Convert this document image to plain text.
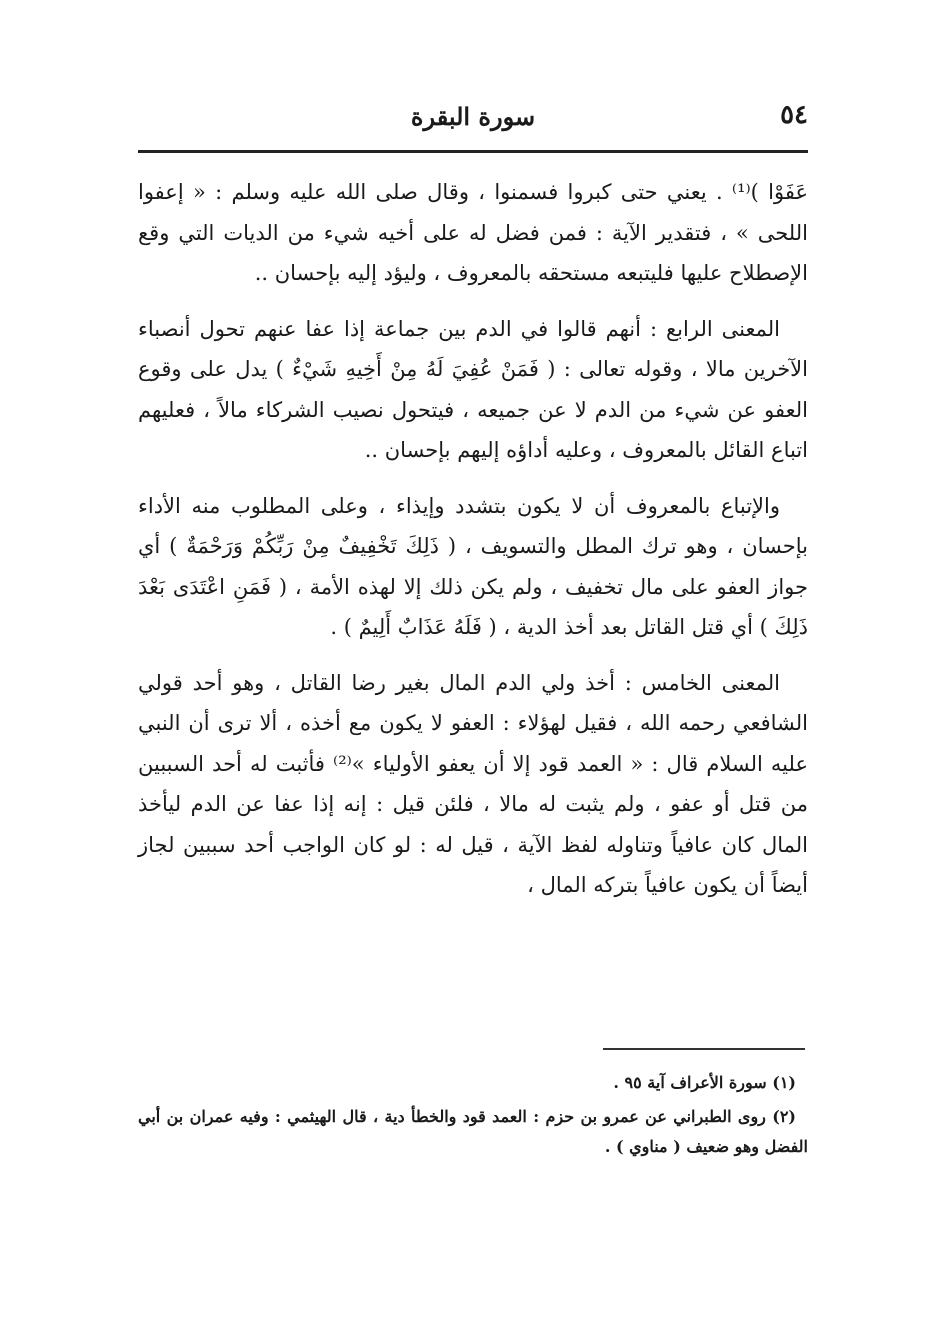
٥٤
سورة البقرة

عَفَوْا )⁽¹⁾ . يعني حتى كبروا فسمنوا ، وقال صلى الله عليه وسلم : « إعفوا اللحى » ، فتقدير الآية : فمن فضل له على أخيه شيء من الديات التي وقع الإصطلاح عليها فليتبعه مستحقه بالمعروف ، وليؤد إليه بإحسان ..

المعنى الرابع : أنهم قالوا في الدم بين جماعة إذا عفا عنهم تحول أنصباء الآخرين مالا ، وقوله تعالى : ( فَمَنْ عُفِيَ لَهُ مِنْ أَخِيهِ شَيْءٌ ) يدل على وقوع العفو عن شيء من الدم لا عن جميعه ، فيتحول نصيب الشركاء مالاً ، فعليهم اتباع القائل بالمعروف ، وعليه أداؤه إليهم بإحسان ..

والإتباع بالمعروف أن لا يكون بتشدد وإيذاء ، وعلى المطلوب منه الأداء بإحسان ، وهو ترك المطل والتسويف ، ( ذَلِكَ تَخْفِيفٌ مِنْ رَبِّكُمْ وَرَحْمَةٌ ) أي جواز العفو على مال تخفيف ، ولم يكن ذلك إلا لهذه الأمة ، ( فَمَنِ اعْتَدَى بَعْدَ ذَلِكَ ) أي قتل القاتل بعد أخذ الدية ، ( فَلَهُ عَذَابٌ أَلِيمٌ ) .

المعنى الخامس : أخذ ولي الدم المال بغير رضا القاتل ، وهو أحد قولي الشافعي رحمه الله ، فقيل لهؤلاء : العفو لا يكون مع أخذه ، ألا ترى أن النبي عليه السلام قال : « العمد قود إلا أن يعفو الأولياء »⁽²⁾ فأثبت له أحد السببين من قتل أو عفو ، ولم يثبت له مالا ، فلئن قيل : إنه إذا عفا عن الدم ليأخذ المال كان عافياً وتناوله لفظ الآية ، قيل له : لو كان الواجب أحد سببين لجاز أيضاً أن يكون عافياً بتركه المال ،

(١) سورة الأعراف آية ٩٥ .

(٢) روى الطبراني عن عمرو بن حزم : العمد قود والخطأ دية ، قال الهيثمي : وفيه عمران بن أبي الفضل وهو ضعيف ( مناوي ) .
